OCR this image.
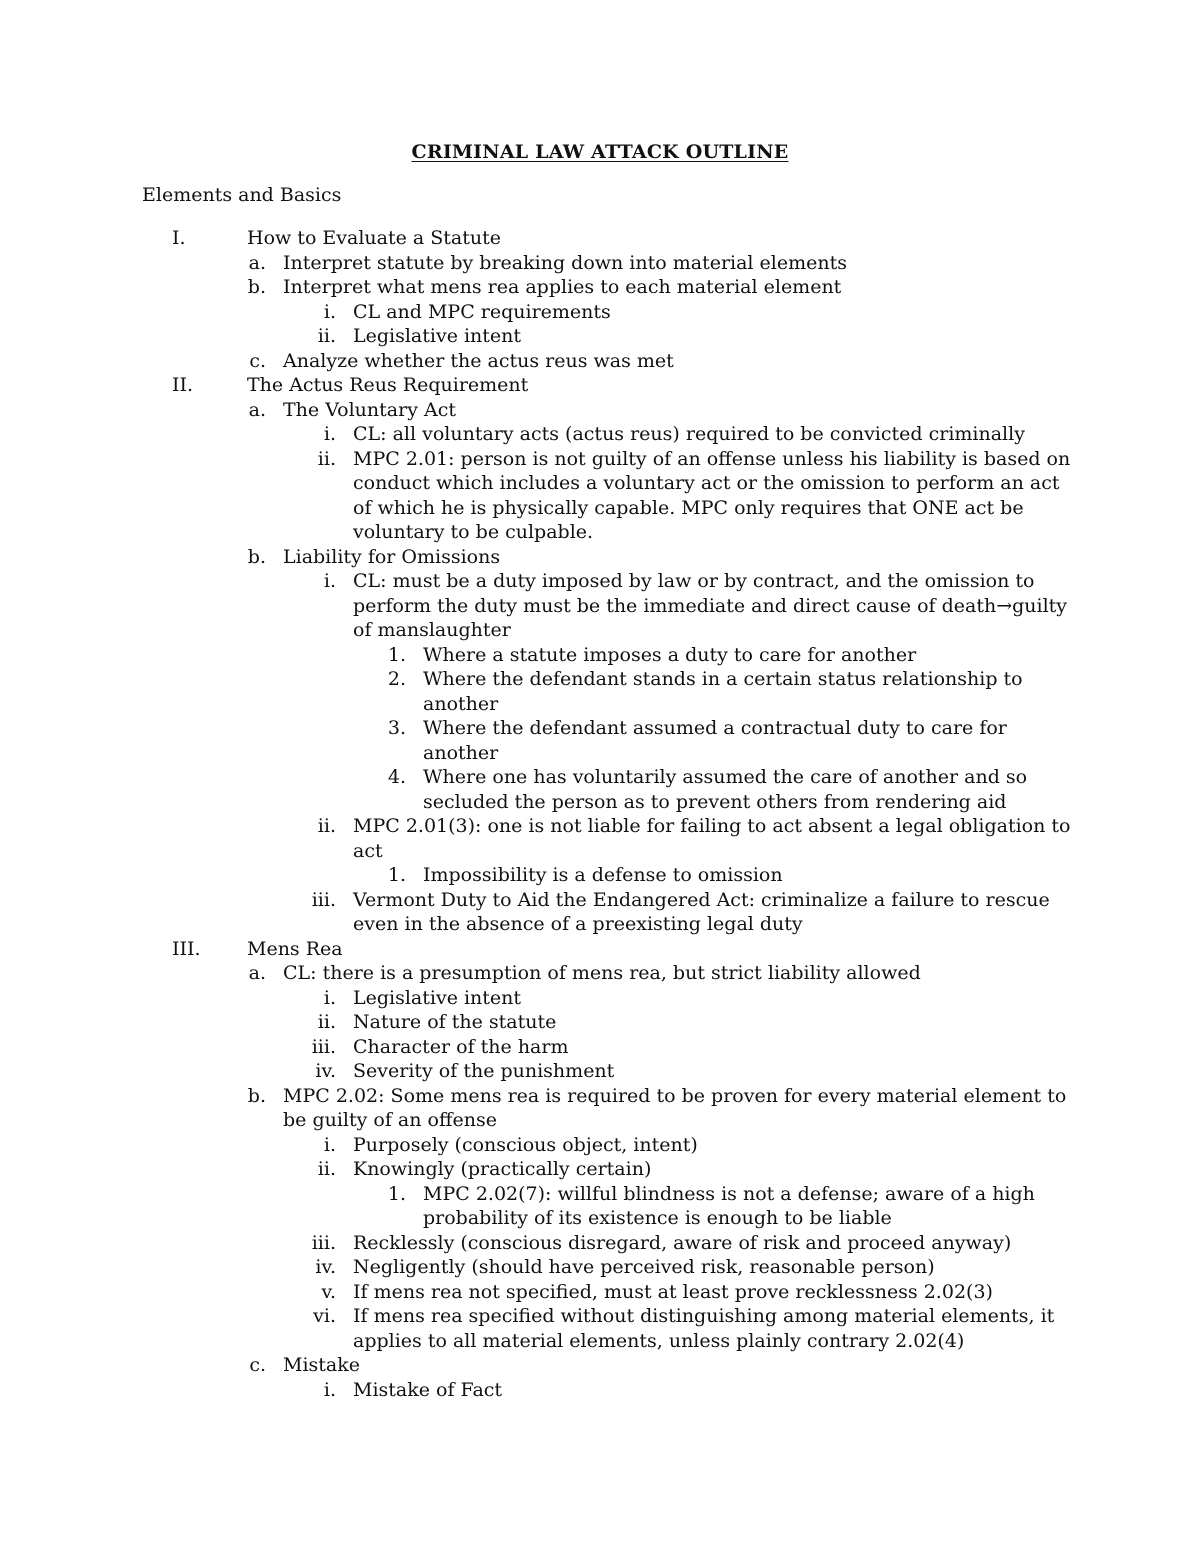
CRIMINAL LAW ATTACK OUTLINE
Elements and Basics
I.	How to Evaluate a Statute
a. Interpret statute by breaking down into material elements
b. Interpret what mens rea applies to each material element
i. CL and MPC requirements
ii. Legislative intent
c. Analyze whether the actus reus was met
II.	The Actus Reus Requirement
a. The Voluntary Act
i. CL: all voluntary acts (actus reus) required to be convicted criminally
ii. MPC 2.01: person is not guilty of an offense unless his liability is based on
conduct which includes a voluntary act or the omission to perform an act
of which he is physically capable. MPC only requires that ONE act be
voluntary to be culpable.
b. Liability for Omissions
i. CL: must be a duty imposed by law or by contract, and the omission to
perform the duty must be the immediate and direct cause of death→guilty
of manslaughter
1. Where a statute imposes a duty to care for another
2. Where the defendant stands in a certain status relationship to
another
3. Where the defendant assumed a contractual duty to care for
another
4. Where one has voluntarily assumed the care of another and so
secluded the person as to prevent others from rendering aid
ii. MPC 2.01(3): one is not liable for failing to act absent a legal obligation to
act
1. Impossibility is a defense to omission
iii. Vermont Duty to Aid the Endangered Act: criminalize a failure to rescue
even in the absence of a preexisting legal duty
III.	Mens Rea
a. CL: there is a presumption of mens rea, but strict liability allowed
i. Legislative intent
ii. Nature of the statute
iii. Character of the harm
iv. Severity of the punishment
b. MPC 2.02: Some mens rea is required to be proven for every material element to
be guilty of an offense
i. Purposely (conscious object, intent)
ii. Knowingly (practically certain)
1. MPC 2.02(7): willful blindness is not a defense; aware of a high
probability of its existence is enough to be liable
iii. Recklessly (conscious disregard, aware of risk and proceed anyway)
iv. Negligently (should have perceived risk, reasonable person)
v. If mens rea not specified, must at least prove recklessness 2.02(3)
vi. If mens rea specified without distinguishing among material elements, it
applies to all material elements, unless plainly contrary 2.02(4)
c. Mistake
i. Mistake of Fact
